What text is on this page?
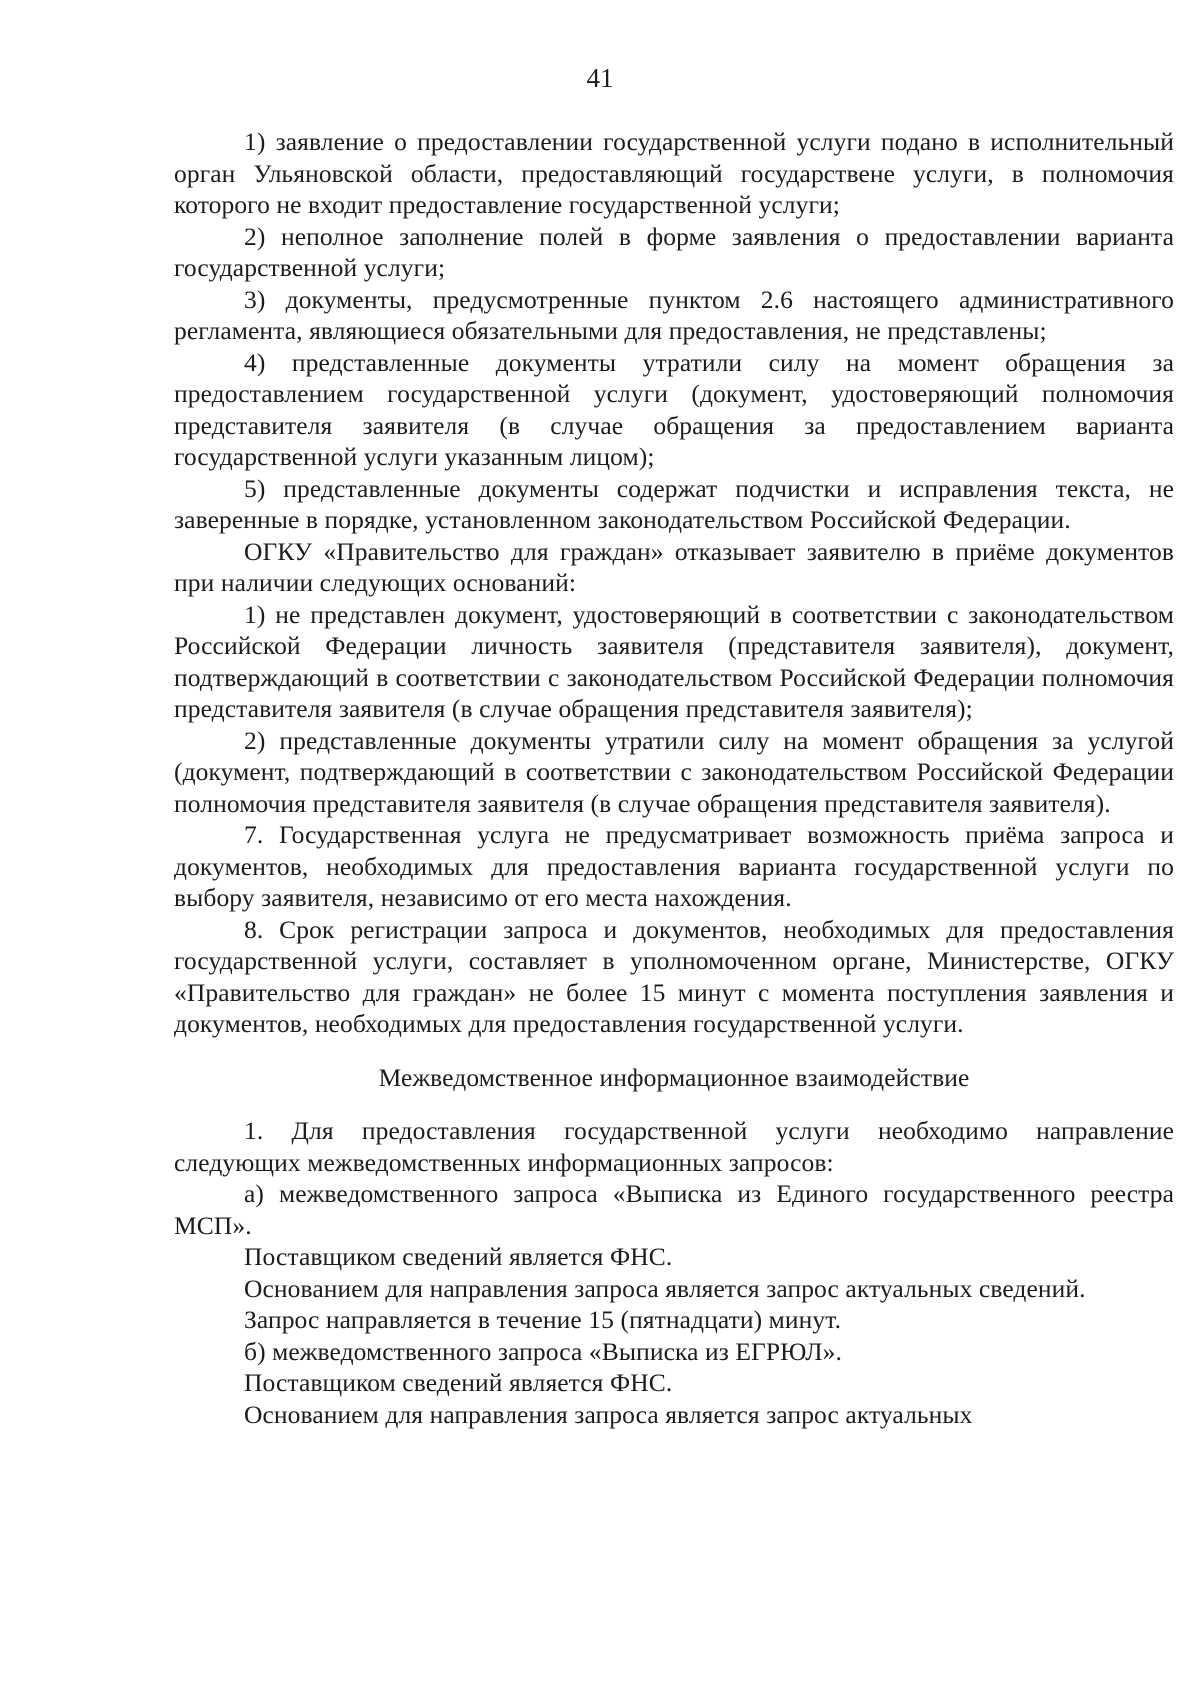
41

1) заявление о предоставлении государственной услуги подано в исполнительный орган Ульяновской области, предоставляющий государствене услуги, в полномочия которого не входит предоставление государственной услуги;

2) неполное заполнение полей в форме заявления о предоставлении варианта государственной услуги;

3) документы, предусмотренные пунктом 2.6 настоящего административного регламента, являющиеся обязательными для предоставления, не представлены;

4) представленные документы утратили силу на момент обращения за предоставлением государственной услуги (документ, удостоверяющий полномочия представителя заявителя (в случае обращения за предоставлением варианта государственной услуги указанным лицом);

5) представленные документы содержат подчистки и исправления текста, не заверенные в порядке, установленном законодательством Российской Федерации.

ОГКУ «Правительство для граждан» отказывает заявителю в приёме документов при наличии следующих оснований:

1) не представлен документ, удостоверяющий в соответствии с законодательством Российской Федерации личность заявителя (представителя заявителя), документ, подтверждающий в соответствии с законодательством Российской Федерации полномочия представителя заявителя (в случае обращения представителя заявителя);

2) представленные документы утратили силу на момент обращения за услугой (документ, подтверждающий в соответствии с законодательством Российской Федерации полномочия представителя заявителя (в случае обращения представителя заявителя).

7. Государственная услуга не предусматривает возможность приёма запроса и документов, необходимых для предоставления варианта государственной услуги по выбору заявителя, независимо от его места нахождения.

8. Срок регистрации запроса и документов, необходимых для предоставления государственной услуги, составляет в уполномоченном органе, Министерстве, ОГКУ «Правительство для граждан» не более 15 минут с момента поступления заявления и документов, необходимых для предоставления государственной услуги.

Межведомственное информационное взаимодействие

1. Для предоставления государственной услуги необходимо направление следующих межведомственных информационных запросов:

а) межведомственного запроса «Выписка из Единого государственного реестра МСП».

Поставщиком сведений является ФНС.

Основанием для направления запроса является запрос актуальных сведений.

Запрос направляется в течение 15 (пятнадцати) минут.

б) межведомственного запроса «Выписка из ЕГРЮЛ».

Поставщиком сведений является ФНС.

Основанием для направления запроса является запрос актуальных
